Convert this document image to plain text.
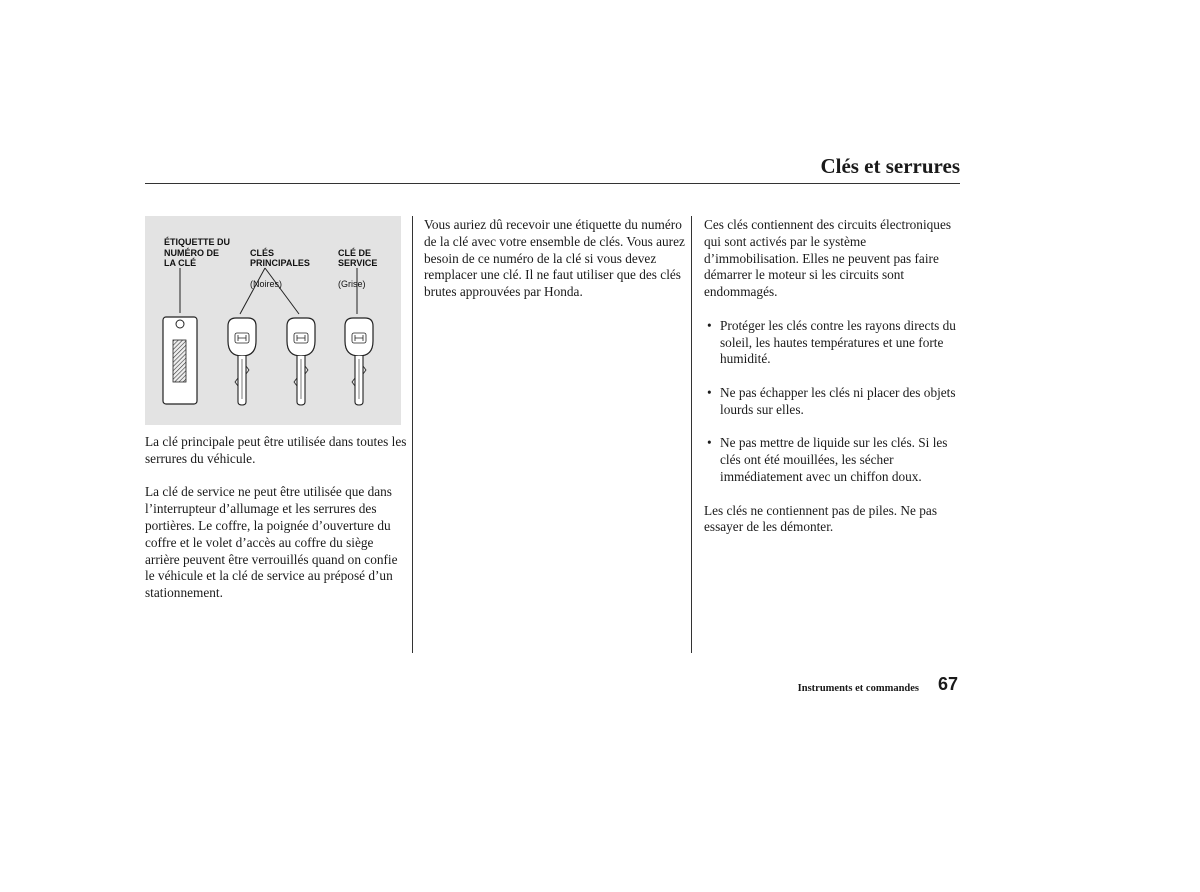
Clés et serrures
ÉTIQUETTE DU
NUMÉRO DE
LA CLÉ

CLÉS
PRINCIPALES

(Noires)

CLÉ DE
SERVICE

(Grise)

La clé principale peut être utilisée dans toutes les serrures du véhicule.

La clé de service ne peut être utilisée que dans l’interrupteur d’allumage et les serrures des portières. Le coffre, la poignée d’ouverture du coffre et le volet d’accès au coffre du siège arrière peuvent être verrouillés quand on confie le véhicule et la clé de service au préposé d’un stationnement.

Vous auriez dû recevoir une étiquette du numéro de la clé avec votre ensemble de clés. Vous aurez besoin de ce numéro de la clé si vous devez remplacer une clé. Il ne faut utiliser que des clés brutes approuvées par Honda.

Ces clés contiennent des circuits électroniques qui sont activés par le système d’immobilisation. Elles ne peuvent pas faire démarrer le moteur si les circuits sont endommagés.

• Protéger les clés contre les rayons directs du soleil, les hautes températures et une forte humidité.
• Ne pas échapper les clés ni placer des objets lourds sur elles.
• Ne pas mettre de liquide sur les clés. Si les clés ont été mouillées, les sécher immédiatement avec un chiffon doux.

Les clés ne contiennent pas de piles. Ne pas essayer de les démonter.

Instruments et commandes 67
